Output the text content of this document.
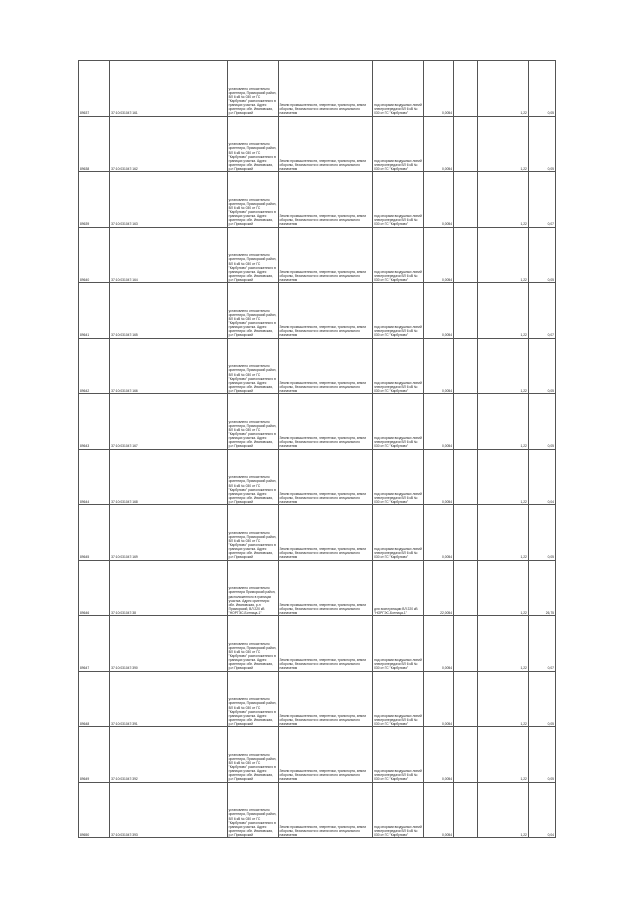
89637	37:10:031047:161	установлено относительно ориентира, Приморский район, ВЛ 6 кВ № 030 от ГС "Карбуново" расположенного в границах участка. Адрес ориентира: обл. Ивановская, р-н Приморский	Земли промышленности, энергетики, транспорта, земли обороны, безопасности и земли иного специального назначения	под опорами воздушных линий электропередачи ВЛ 6 кВ № 030 от ГС "Карбуново"	0,0054		1,22	0,05
89638	37:10:031047:162	установлено относительно ориентира, Приморский район, ВЛ 6 кВ № 030 от ГС "Карбуново" расположенного в границах участка. Адрес ориентира: обл. Ивановская, р-н Приморский	Земли промышленности, энергетики, транспорта, земли обороны, безопасности и земли иного специального назначения	под опорами воздушных линий электропередачи ВЛ 6 кВ № 030 от ГС "Карбуново"	0,0054		1,22	0,05
89639	37:10:031047:163	установлено относительно ориентира, Приморский район, ВЛ 6 кВ № 030 от ГС "Карбуново" расположенного в границах участка. Адрес ориентира: обл. Ивановская, р-н Приморский	Земли промышленности, энергетики, транспорта, земли обороны, безопасности и земли иного специального назначения	под опорами воздушных линий электропередачи ВЛ 6 кВ № 030 от ГС "Карбуново"	0,0054		1,22	0,07
89640	37:10:031047:164	установлено относительно ориентира, Приморский район, ВЛ 6 кВ № 030 от ГС "Карбуново" расположенного в границах участка. Адрес ориентира: обл. Ивановская, р-н Приморский	Земли промышленности, энергетики, транспорта, земли обороны, безопасности и земли иного специального назначения	под опорами воздушных линий электропередачи ВЛ 6 кВ № 030 от ГС "Карбуново"	0,0054		1,22	0,05
89641	37:10:031047:165	установлено относительно ориентира, Приморский район, ВЛ 6 кВ № 030 от ГС "Карбуново" расположенного в границах участка. Адрес ориентира: обл. Ивановская, р-н Приморский	Земли промышленности, энергетики, транспорта, земли обороны, безопасности и земли иного специального назначения	под опорами воздушных линий электропередачи ВЛ 6 кВ № 030 от ГС "Карбуново"	0,0054		1,22	0,07
89642	37:10:031047:166	установлено относительно ориентира, Приморский район, ВЛ 6 кВ № 030 от ГС "Карбуново" расположенного в границах участка. Адрес ориентира: обл. Ивановская, р-н Приморский	Земли промышленности, энергетики, транспорта, земли обороны, безопасности и земли иного специального назначения	под опорами воздушных линий электропередачи ВЛ 6 кВ № 030 от ГС "Карбуново"	0,0054		1,22	0,05
89643	37:10:031047:167	установлено относительно ориентира, Приморский район, ВЛ 6 кВ № 030 от ГС "Карбуново" расположенного в границах участка. Адрес ориентира: обл. Ивановская, р-н Приморский	Земли промышленности, энергетики, транспорта, земли обороны, безопасности и земли иного специального назначения	под опорами воздушных линий электропередачи ВЛ 6 кВ № 030 от ГС "Карбуново"	0,0054		1,22	0,05
89644	37:10:031047:168	установлено относительно ориентира, Приморский район, ВЛ 6 кВ № 030 от ГС "Карбуново" расположенного в границах участка. Адрес ориентира: обл. Ивановская, р-н Приморский	Земли промышленности, энергетики, транспорта, земли обороны, безопасности и земли иного специального назначения	под опорами воздушных линий электропередачи ВЛ 6 кВ № 030 от ГС "Карбуново"	0,0054		1,22	0,04
89645	37:10:031047:169	установлено относительно ориентира, Приморский район, ВЛ 6 кВ № 030 от ГС "Карбуново" расположенного в границах участка. Адрес ориентира: обл. Ивановская, р-н Приморский	Земли промышленности, энергетики, транспорта, земли обороны, безопасности и земли иного специального назначения	под опорами воздушных линий электропередачи ВЛ 6 кВ № 030 от ГС "Карбуново"	0,0054		1,22	0,05
89646	37:10:031047:38	установлено относительно ориентира Приморский район, расположенного в границах участка. Адрес ориентира: обл. Ивановская, р-н Приморский, ВЛ 220 кВ "НОРГЭС-Ботница-1"	Земли промышленности, энергетики, транспорта, земли обороны, безопасности и земли иного специального назначения	для эксплуатации ВЛ 220 кВ "НОРГЭС-Ботница-1"	22,0054		1,22	26,75
89647	37:10:031047:390	установлено относительно ориентира, Приморский район, ВЛ 6 кВ № 030 от ГС "Карбуново" расположенного в границах участка. Адрес ориентира: обл. Ивановская, р-н Приморский	Земли промышленности, энергетики, транспорта, земли обороны, безопасности и земли иного специального назначения	под опорами воздушных линий электропередачи ВЛ 6 кВ № 030 от ГС "Карбуново"	0,0054		1,22	0,07
89648	37:10:031047:391	установлено относительно ориентира, Приморский район, ВЛ 6 кВ № 030 от ГС "Карбуново" расположенного в границах участка. Адрес ориентира: обл. Ивановская, р-н Приморский	Земли промышленности, энергетики, транспорта, земли обороны, безопасности и земли иного специального назначения	под опорами воздушных линий электропередачи ВЛ 6 кВ № 030 от ГС "Карбуново"	0,0054		1,22	0,05
89649	37:10:031047:392	установлено относительно ориентира, Приморский район, ВЛ 6 кВ № 030 от ГС "Карбуново" расположенного в границах участка. Адрес ориентира: обл. Ивановская, р-н Приморский	Земли промышленности, энергетики, транспорта, земли обороны, безопасности и земли иного специального назначения	под опорами воздушных линий электропередачи ВЛ 6 кВ № 030 от ГС "Карбуново"	0,0054		1,22	0,05
89650	37:10:031047:393	установлено относительно ориентира, Приморский район, ВЛ 6 кВ № 030 от ГС "Карбуново" расположенного в границах участка. Адрес ориентира: обл. Ивановская, р-н Приморский	Земли промышленности, энергетики, транспорта, земли обороны, безопасности и земли иного специального назначения	под опорами воздушных линий электропередачи ВЛ 6 кВ № 030 от ГС "Карбуново"	0,0054		1,22	0,04
